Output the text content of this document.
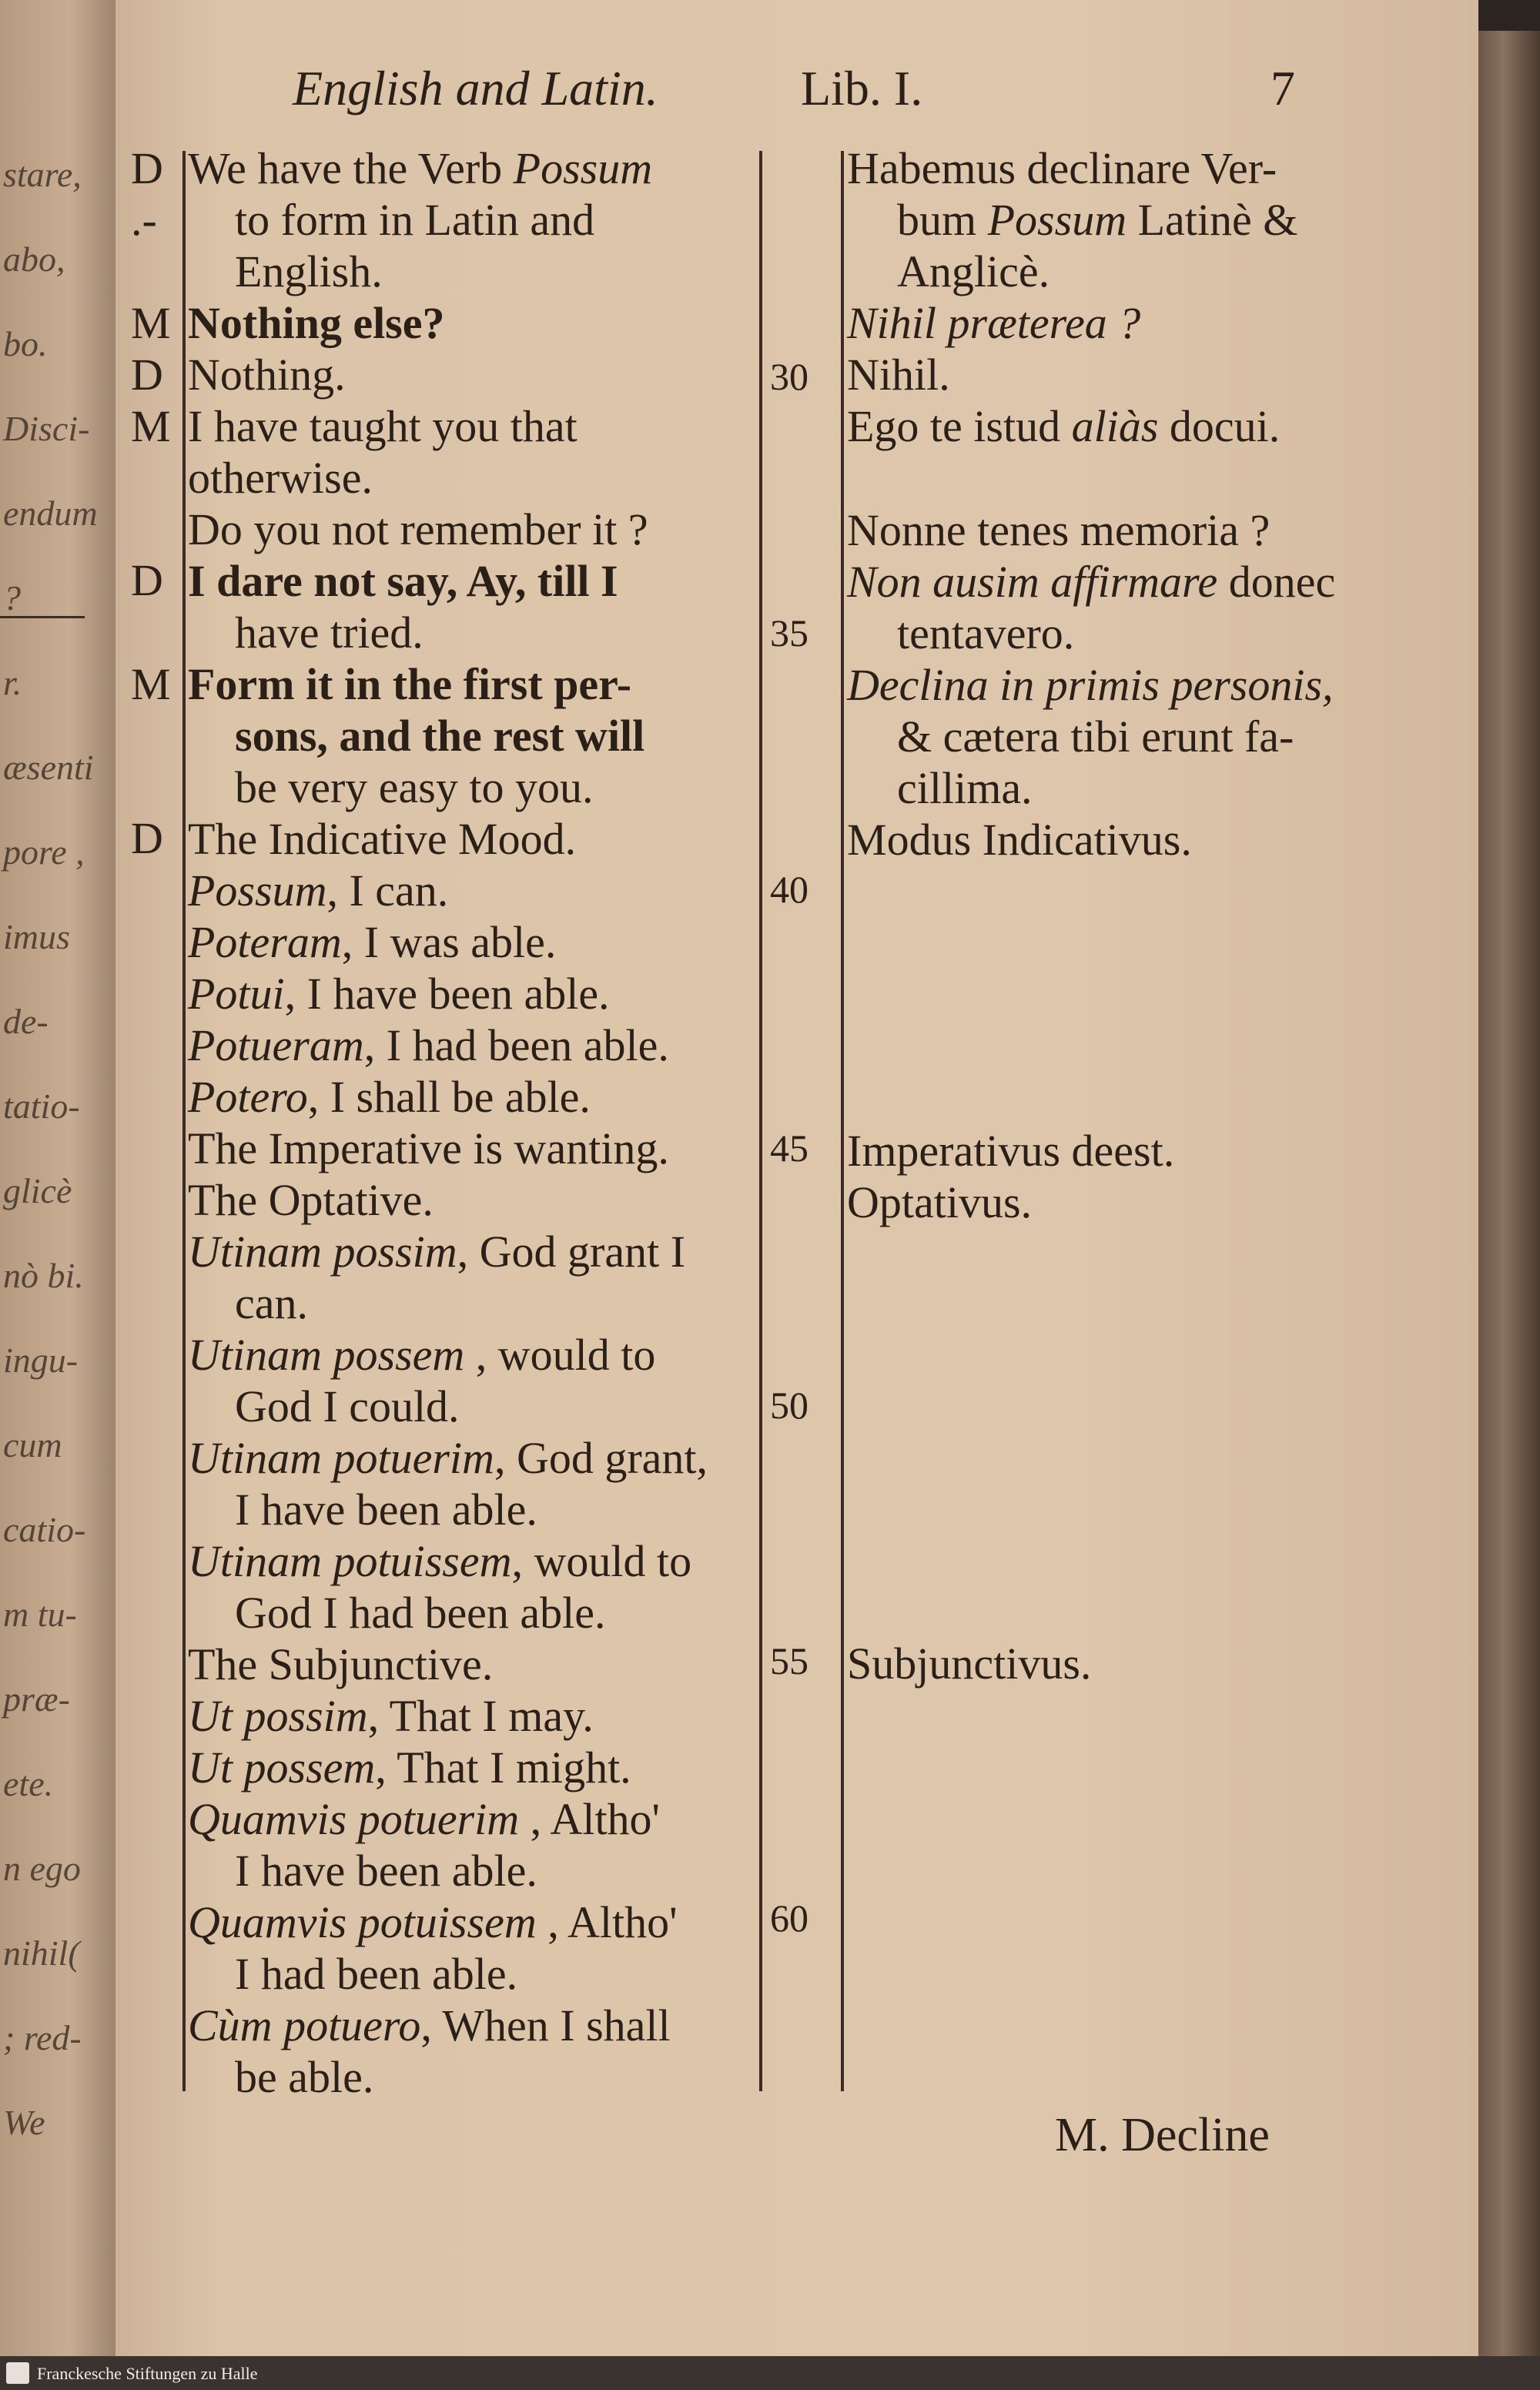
stare,
abo,
bo.
Disci-
endum
?
r.
æsenti
pore ,
imus
de-
tatio-
glicè
nò bi.
ingu-
cum
catio-
m tu-
præ-
ete.
n ego
nihil(
; red-
We
English and Latin.	Lib. I.	7
D
.-
M
D
M
D
M
D
We have the Verb Possum
to form in Latin and
English.
Nothing else?
Nothing.
I have taught you that
otherwise.
Do you not remember it ?
I dare not say, Ay, till I
have tried.
Form it in the first per-
sons, and the rest will
be very easy to you.
The Indicative Mood.
Possum, I can.
Poteram, I was able.
Potui, I have been able.
Potueram, I had been able.
Potero, I shall be able.
The Imperative is wanting.
The Optative.
Utinam possim, God grant I
can.
Utinam possem , would to
God I could.
Utinam potuerim, God grant,
I have been able.
Utinam potuissem, would to
God I had been able.
The Subjunctive.
Ut possim, That I may.
Ut possem, That I might.
Quamvis potuerim , Altho'
I have been able.
Quamvis potuissem , Altho'
I had been able.
Cùm potuero, When I shall
be able.
30
35
40
45
50
55
60
Habemus declinare Ver-
bum Possum Latinè &
Anglicè.
Nihil præterea ?
Nihil.
Ego te istud aliàs docui.
Nonne tenes memoria ?
Non ausim affirmare donec
tentavero.
Declina in primis personis,
& cætera tibi erunt fa-
cillima.
Modus Indicativus.
Imperativus deest.
Optativus.
Subjunctivus.
M. Decline
Franckesche Stiftungen zu Halle
